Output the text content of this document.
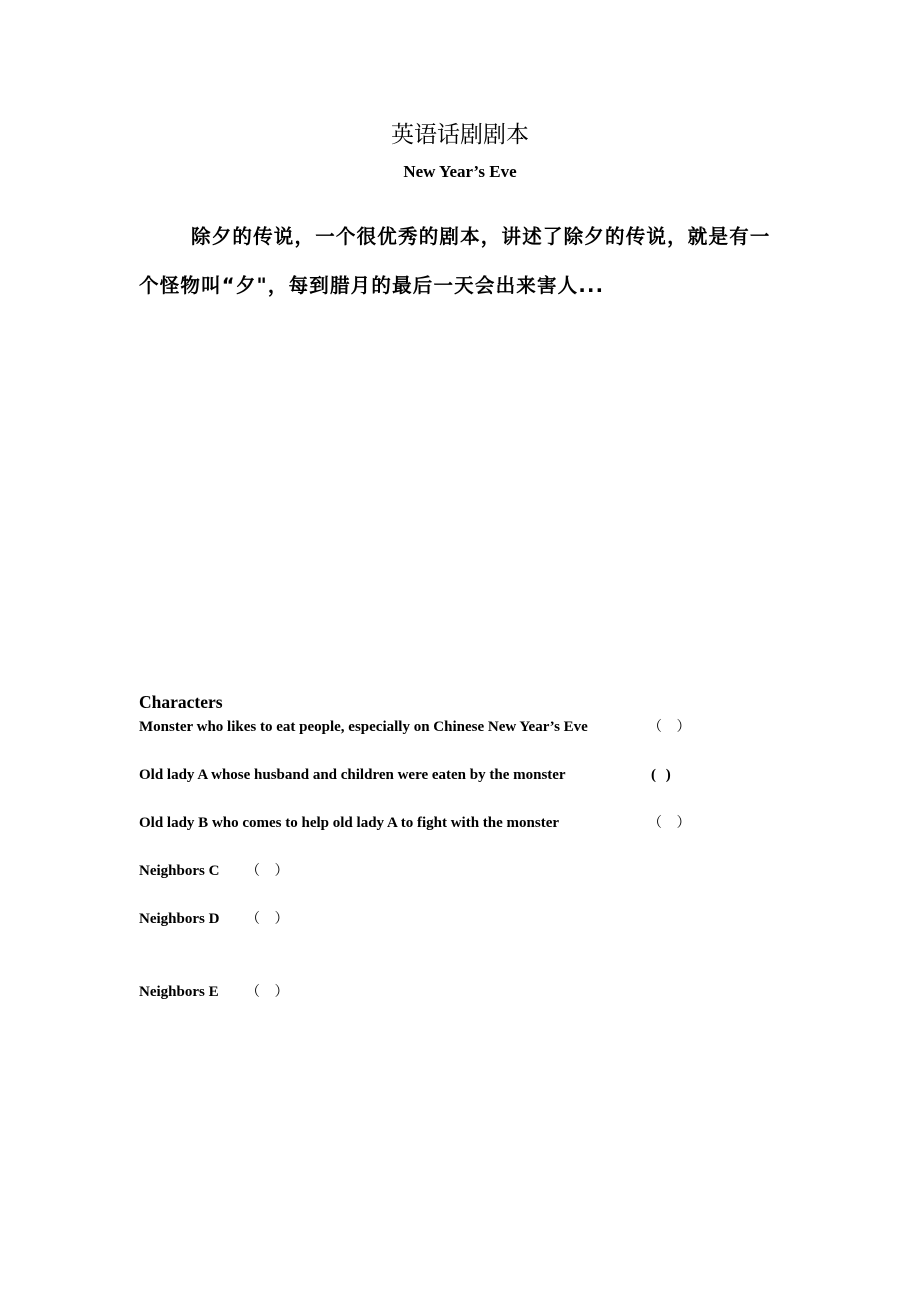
英语话剧剧本
New Year’s Eve

除夕的传说，一个很优秀的剧本，讲述了除夕的传说，就是有一个怪物叫“夕"，每到腊月的最后一天会出来害人...

Characters
Monster who likes to eat people, especially on Chinese New Year’s Eve	（ ）
Old lady A whose husband and children were eaten by the monster	( )
Old lady B who comes to help old lady A to fight with the monster	（ ）
Neighbors C （ ）
Neighbors D （ ）
Neighbors E （ ）
